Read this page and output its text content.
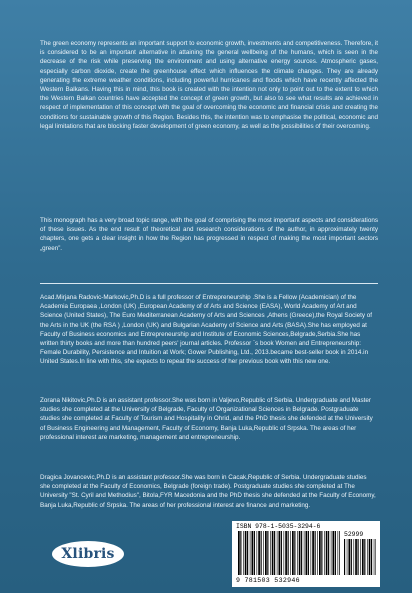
The green economy represents an important support to economic growth, investments and competitiveness. Therefore, it is considered to be an important alternative in attaining the general wellbeing of the humans, which is seen in the decrease of the risk while preserving the environment and using alternative energy sources. Atmospheric gases, especially carbon dioxide, create the greenhouse effect which influences the climate changes. They are already generating the extreme weather conditions, including powerful hurricanes and floods which have recently affected the Western Balkans. Having this in mind, this book is created with the intention not only to point out to the extent to which the Western Balkan countries have accepted the concept of green growth, but also to see what results are achieved in respect of implementation of this concept with the goal of overcoming the economic and financial crisis and creating the conditions for sustainable growth of this Region. Besides this, the intention was to emphasise the political, economic and legal limitations that are blocking faster development of green economy, as well as the possibilities of their overcoming.

This monograph has a very broad topic range, with the goal of comprising the most important aspects and considerations of these issues. As the end result of theoretical and research considerations of the author, in approximately twenty chapters, one gets a clear insight in how the Region has progressed in respect of making the most important sectors „green”.

Acad.Mirjana Radovic-Markovic,Ph.D is a full professor of Entrepreneurship .She is a Fellow (Academician) of the Academia Europaea ,London (UK) ,European Academy of of Arts and Science (EASA), World Academy of Art and Science (United States), The Euro Mediterranean Academy of Arts and Sciences ,Athens (Greece),the Royal Society of the Arts in the UK (the RSA ) ,London (UK) and Bulgarian Academy of Science and Arts (BASA).She has employed at Faculty of Business economics and Entrepreneurship and Institute of Economic Sciences,Belgrade,Serbia.She has written thirty books and more than hundred peers' journal articles. Professor `s book Women and Entrepreneurship: Female Durability, Persistence and Intuition at Work; Gower Publishing, Ltd., 2013.became best-seller book in 2014.in United States.In line with this, she expects to repeat the success of her previous book with this new one.

Zorana Nikitovic,Ph.D is an assistant professor.She was born in Valjevo,Republic of Serbia. Undergraduate and Master studies she completed at the University of Belgrade, Faculty of Organizational Sciences in Belgrade. Postgraduate studies she completed at Faculty of Tourism and Hospitality in Ohrid, and the PhD thesis she defended at the University of Business Engineering and Management, Faculty of Economy, Banja Luka,Republic of Srpska. The areas of her professional interest are marketing, management and entrepreneurship.

Dragica Jovancevic,Ph.D is an assistant professor.She was born in Cacak,Republic of Serbia. Undergraduate studies she completed at the Faculty of Economics, Belgrade (foreign trade). Postgraduate studies she completed at The University "St. Cyril and Methodius", Bitola,FYR Macedonia and the PhD thesis she defended at the Faculty of Economy, Banja Luka,Republic of Srpska. The areas of her professional interest are finance and marketing.

Xlibris
ISBN 978-1-5035-3294-6
52999
9 781503 532946
